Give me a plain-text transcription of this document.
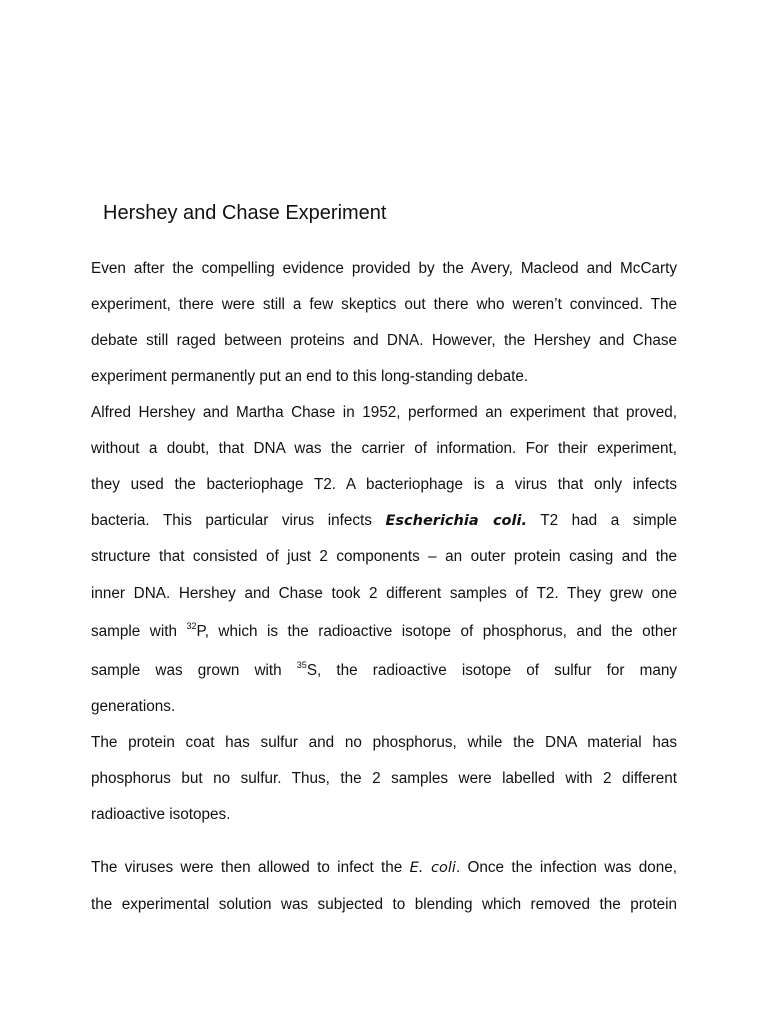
Hershey and Chase Experiment
Even after the compelling evidence provided by the Avery, Macleod and McCarty
experiment, there were still a few skeptics out there who weren’t convinced. The
debate still raged between proteins and DNA. However, the Hershey and Chase
experiment permanently put an end to this long-standing debate.
Alfred Hershey and Martha Chase in 1952, performed an experiment that proved,
without a doubt, that DNA was the carrier of information. For their experiment,
they used the bacteriophage T2. A bacteriophage is a virus that only infects
bacteria. This particular virus infects Escherichia coli. T2 had a simple
structure that consisted of just 2 components – an outer protein casing and the
inner DNA. Hershey and Chase took 2 different samples of T2. They grew one
sample with $^{32}$P, which is the radioactive isotope of phosphorus, and the other
sample was grown with $^{35}$S, the radioactive isotope of sulfur for many
generations.
The protein coat has sulfur and no phosphorus, while the DNA material has
phosphorus but no sulfur. Thus, the 2 samples were labelled with 2 different
radioactive isotopes.
The viruses were then allowed to infect the E. coli. Once the infection was done,
the experimental solution was subjected to blending which removed the protein
